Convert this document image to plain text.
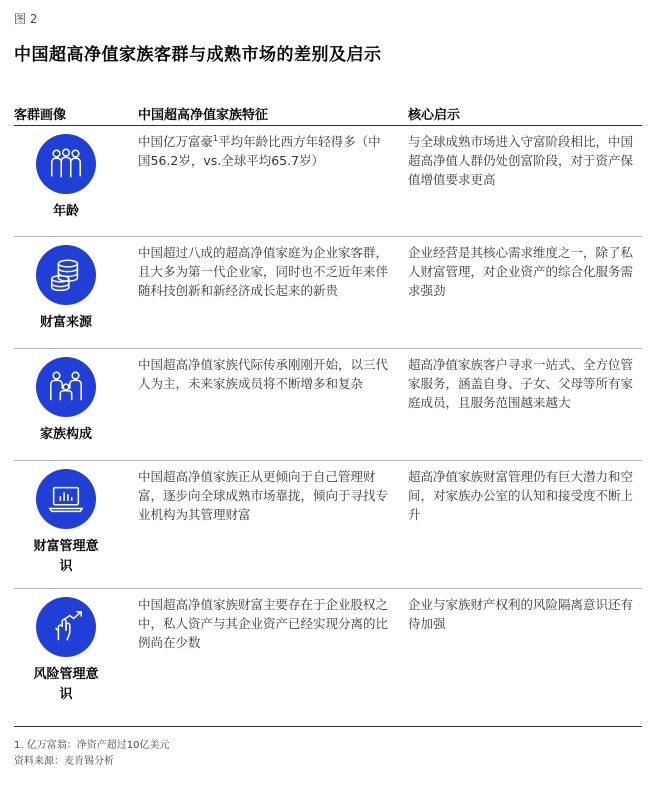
图 2
中国超高净值家族客群与成熟市场的差别及启示
客群画像	中国超高净值家族特征	核心启示
年龄
中国亿万富豪$^1$平均年龄比西方年轻得多（中国56.2岁，vs.全球平均65.7岁）
与全球成熟市场进入守富阶段相比，中国超高净值人群仍处创富阶段，对于资产保值增值要求更高
财富来源
中国超过八成的超高净值家庭为企业家客群，且大多为第一代企业家，同时也不乏近年来伴随科技创新和新经济成长起来的新贵
企业经营是其核心需求维度之一，除了私人财富管理，对企业资产的综合化服务需求强劲
家族构成
中国超高净值家族代际传承刚刚开始，以三代人为主，未来家族成员将不断增多和复杂
超高净值家族客户寻求一站式、全方位管家服务，涵盖自身、子女、父母等所有家庭成员，且服务范围越来越大
财富管理意识
中国超高净值家族正从更倾向于自己管理财富，逐步向全球成熟市场靠拢，倾向于寻找专业机构为其管理财富
超高净值家族财富管理仍有巨大潜力和空间，对家族办公室的认知和接受度不断上升
风险管理意识
中国超高净值家族财富主要存在于企业股权之中，私人资产与其企业资产已经实现分离的比例尚在少数
企业与家族财产权利的风险隔离意识还有待加强
1. 亿万富翁：净资产超过10亿美元
资料来源：麦肯锡分析
